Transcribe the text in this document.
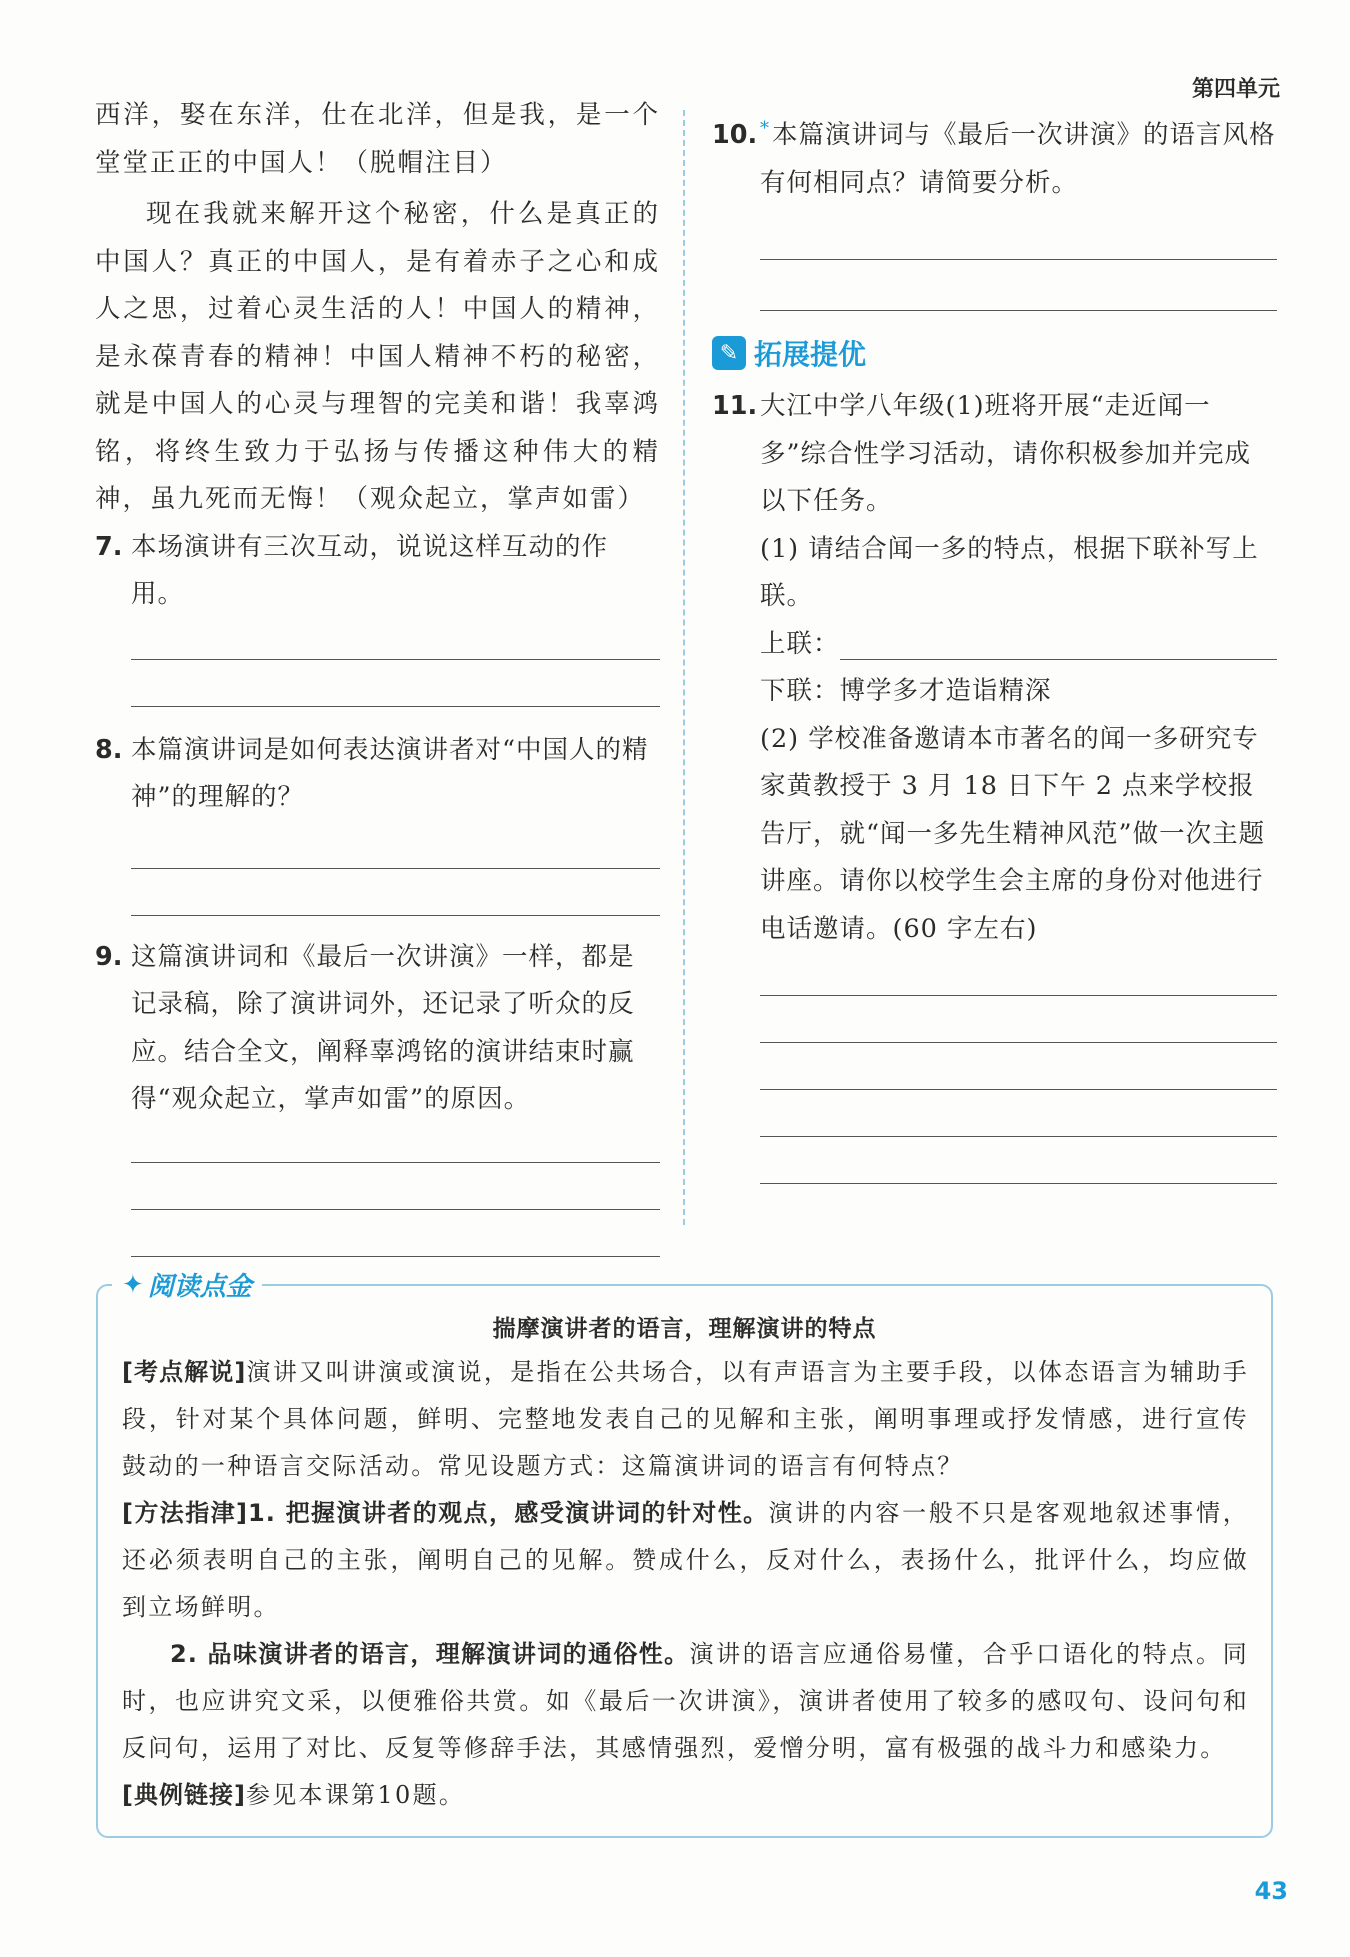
第四单元

西洋，娶在东洋，仕在北洋，但是我，是一个堂堂正正的中国人！（脱帽注目）

现在我就来解开这个秘密，什么是真正的中国人？真正的中国人，是有着赤子之心和成人之思，过着心灵生活的人！中国人的精神，是永葆青春的精神！中国人精神不朽的秘密，就是中国人的心灵与理智的完美和谐！我辜鸿铭，将终生致力于弘扬与传播这种伟大的精神，虽九死而无悔！（观众起立，掌声如雷）

7. 本场演讲有三次互动，说说这样互动的作用。
8. 本篇演讲词是如何表达演讲者对“中国人的精神”的理解的？
9. 这篇演讲词和《最后一次讲演》一样，都是记录稿，除了演讲词外，还记录了听众的反应。结合全文，阐释辜鸿铭的演讲结束时赢得“观众起立，掌声如雷”的原因。
10. *本篇演讲词与《最后一次讲演》的语言风格有何相同点？请简要分析。
✎ 拓展提优
11. 大江中学八年级(1)班将开展“走近闻一多”综合性学习活动，请你积极参加并完成以下任务。

(1) 请结合闻一多的特点，根据下联补写上联。

上联：

下联：博学多才造诣精深

(2) 学校准备邀请本市著名的闻一多研究专家黄教授于 3 月 18 日下午 2 点来学校报告厅，就“闻一多先生精神风范”做一次主题讲座。请你以校学生会主席的身份对他进行电话邀请。(60 字左右)

✦ 阅读点金
揣摩演讲者的语言，理解演讲的特点

[考点解说]演讲又叫讲演或演说，是指在公共场合，以有声语言为主要手段，以体态语言为辅助手段，针对某个具体问题，鲜明、完整地发表自己的见解和主张，阐明事理或抒发情感，进行宣传鼓动的一种语言交际活动。常见设题方式：这篇演讲词的语言有何特点？

[方法指津]1. 把握演讲者的观点，感受演讲词的针对性。演讲的内容一般不只是客观地叙述事情，还必须表明自己的主张，阐明自己的见解。赞成什么，反对什么，表扬什么，批评什么，均应做到立场鲜明。

2. 品味演讲者的语言，理解演讲词的通俗性。演讲的语言应通俗易懂，合乎口语化的特点。同时，也应讲究文采，以便雅俗共赏。如《最后一次讲演》，演讲者使用了较多的感叹句、设问句和反问句，运用了对比、反复等修辞手法，其感情强烈，爱憎分明，富有极强的战斗力和感染力。

[典例链接]参见本课第10题。

43
